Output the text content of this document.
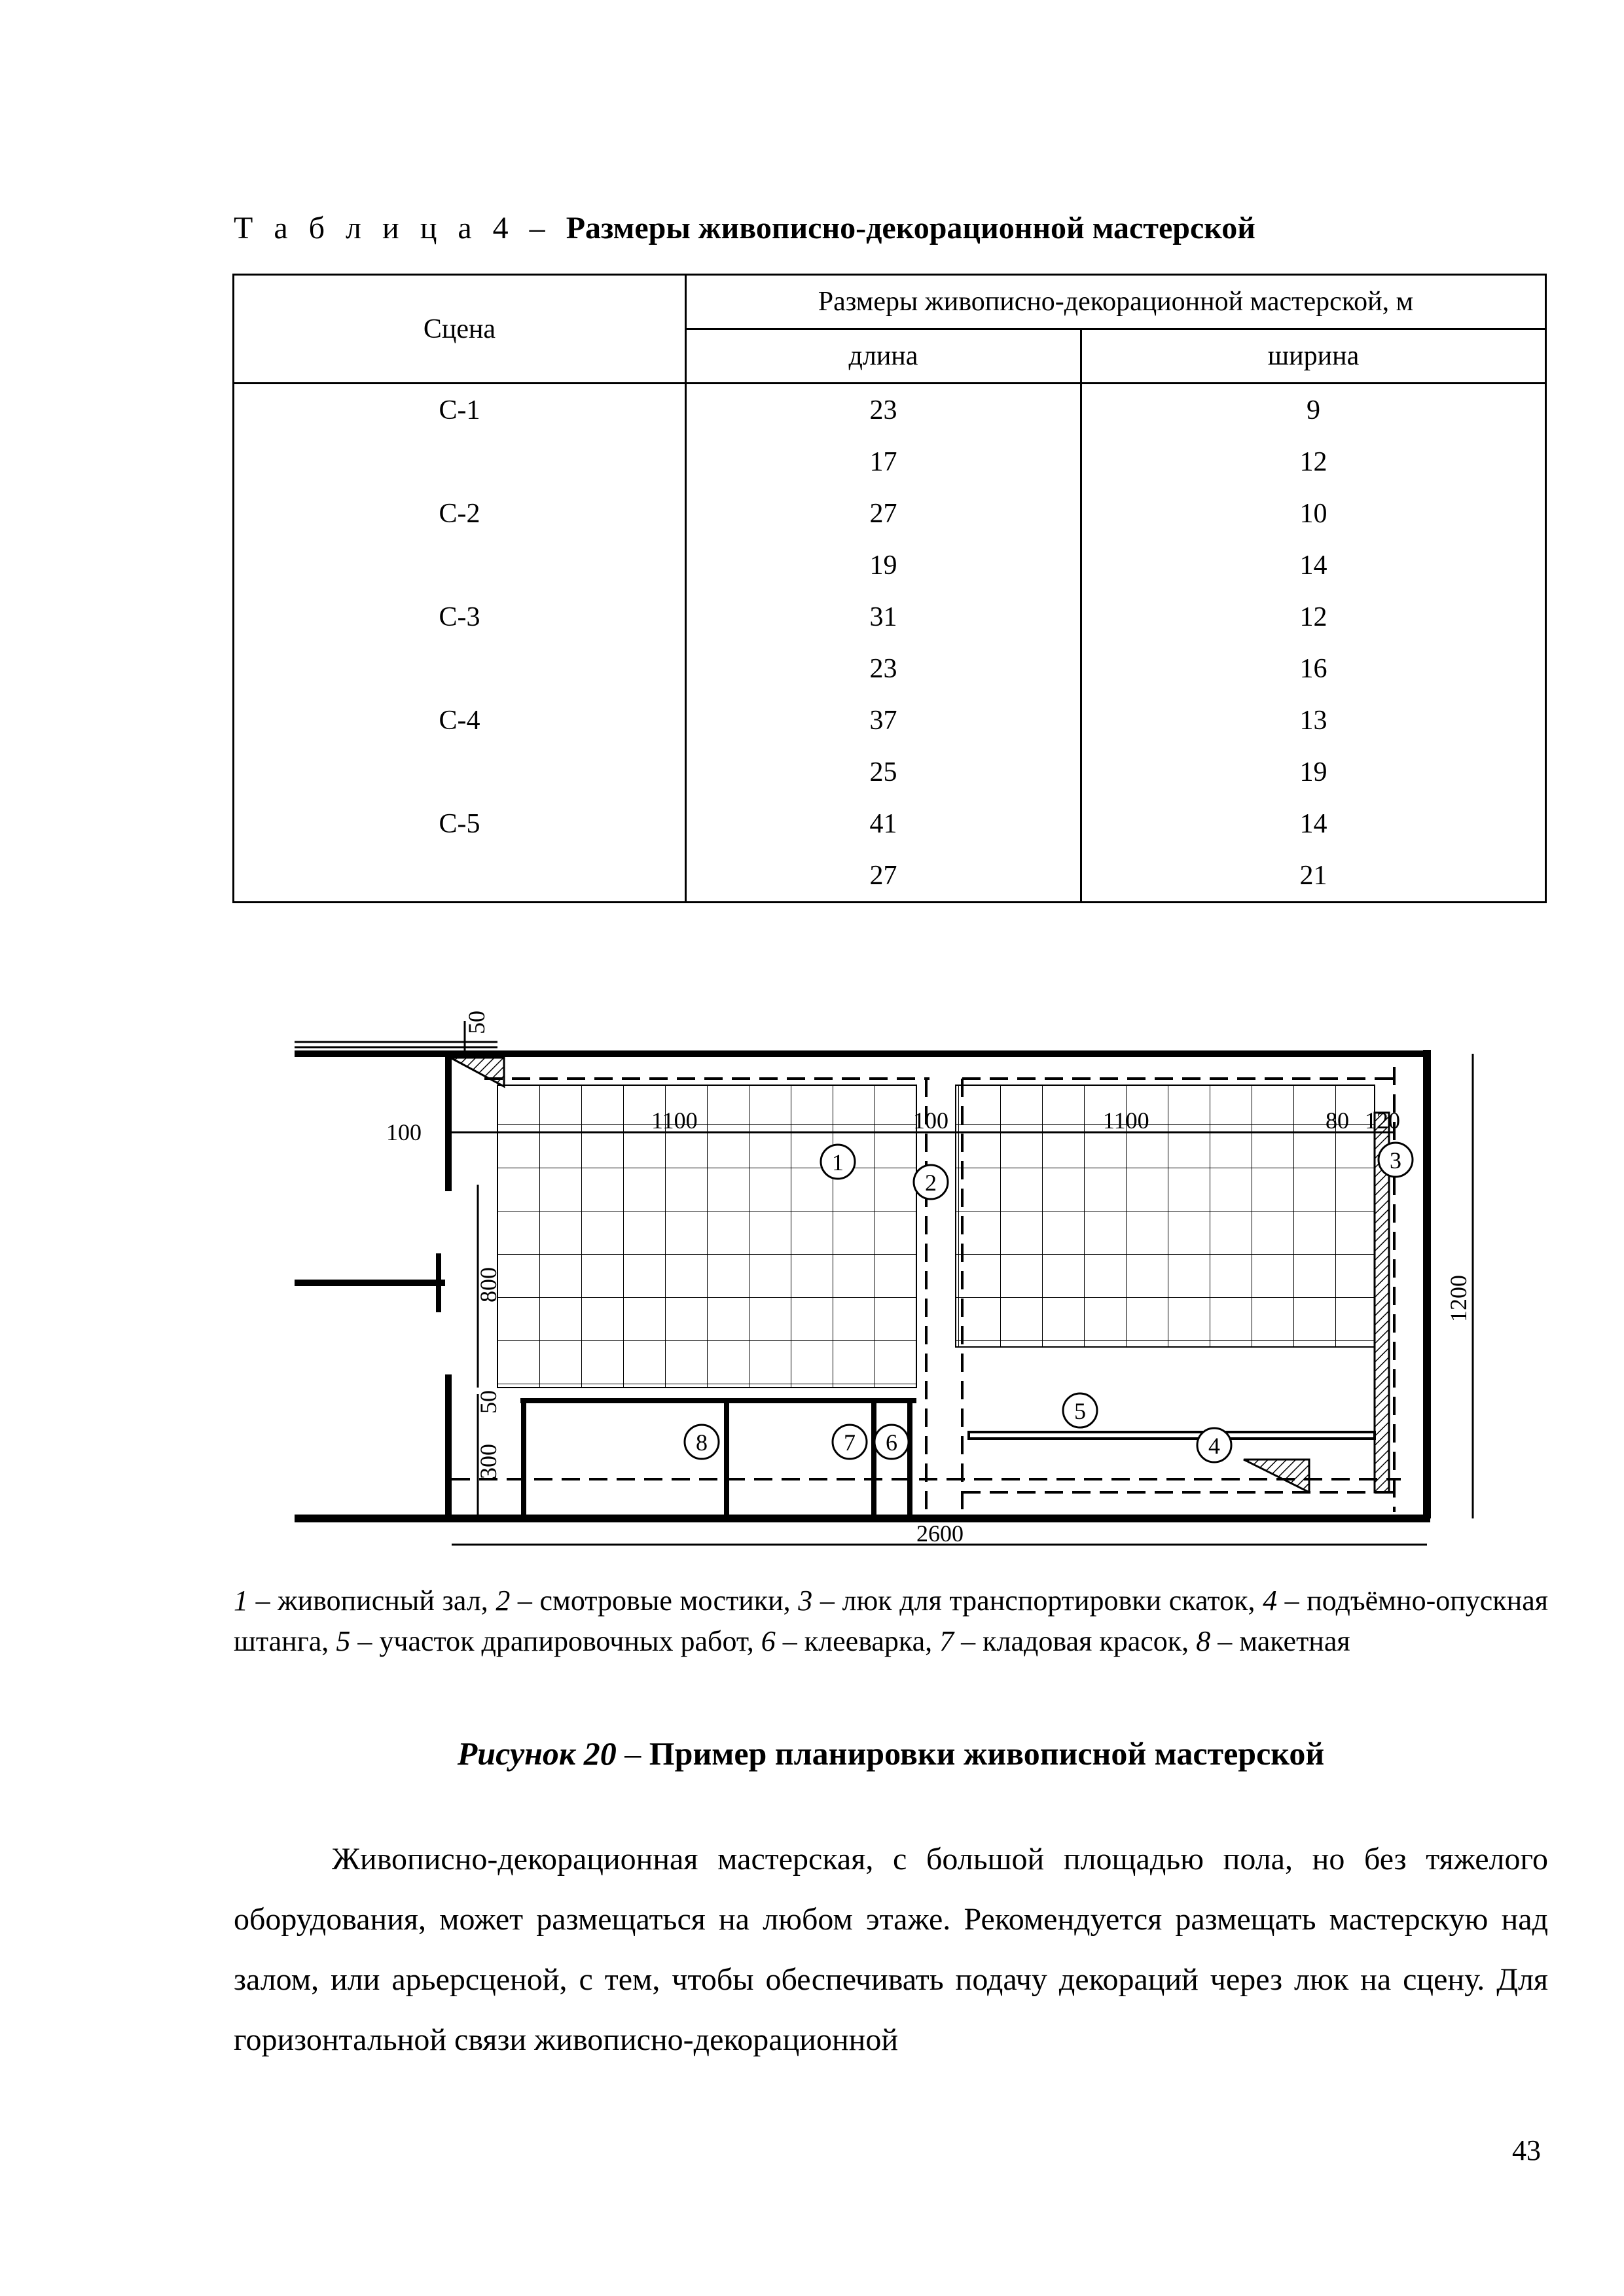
Т а б л и ц а 4 – Размеры живописно-декорационной мастерской
Сцена	Размеры живописно-декорационной мастерской, м	
	длина	ширина
С-1	23	9
	17	12
С-2	27	10
	19	14
С-3	31	12
	23	16
С-4	37	13
	25	19
С-5	41	14
	27	21
50
100	1100	100	1100	80 120
800
50
300
1200
2600
1
2
3
4
5
6
7
8
1 – живописный зал, 2 – смотровые мостики, 3 – люк для транспортировки скаток, 4 – подъёмно-опускная штанга, 5 – участок драпировочных работ, 6 – клееварка, 7 – кладовая красок, 8 – макетная
Рисунок 20 – Пример планировки живописной мастерской
Живописно-декорационная мастерская, с большой площадью пола, но без тяжелого оборудования, может размещаться на любом этаже. Рекомендуется размещать мастерскую над залом, или арьерсценой, с тем, чтобы обеспечивать подачу декораций через люк на сцену. Для горизонтальной связи живописно-декорационной
43
